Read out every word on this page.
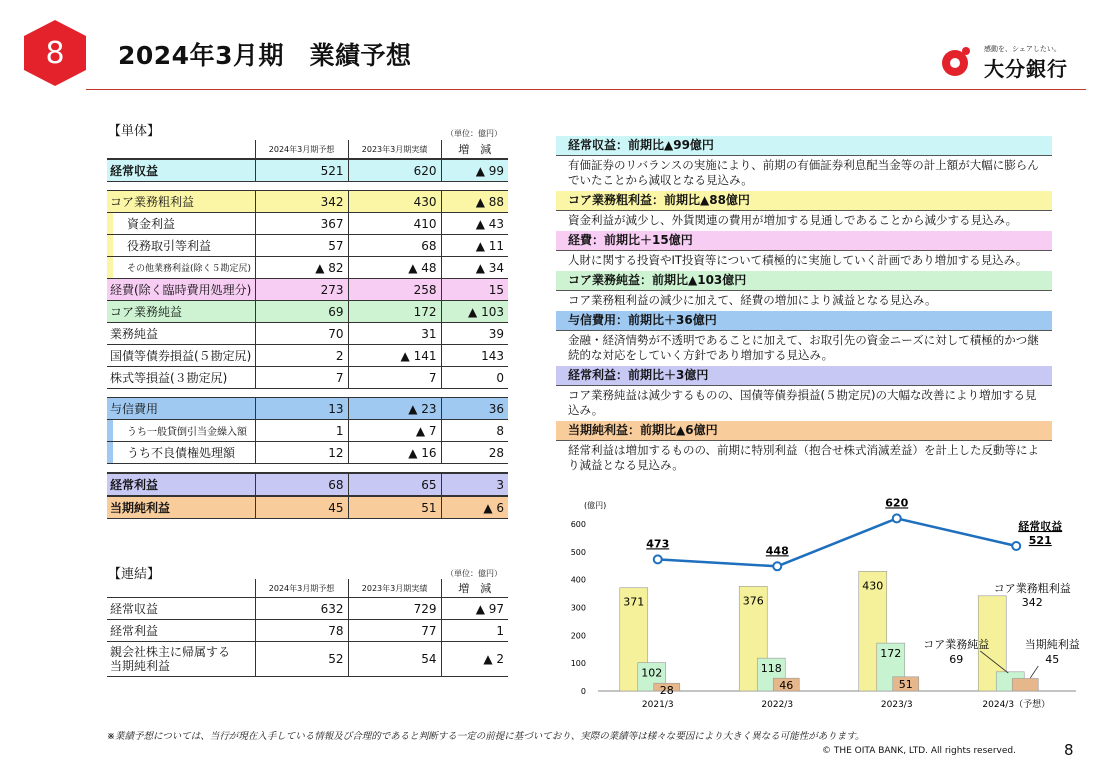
8	2024年3月期　業績予想	感動を、シェアしたい。
大分銀行
【単体】	（単位：億円）
	2024年3月期予想	2023年3月期実績	増　減
経常収益	521	620	▲ 99

コア業務粗利益	342	430	▲ 88
資金利益	367	410	▲ 43
役務取引等利益	57	68	▲ 11
その他業務利益(除く５勘定尻)	▲ 82	▲ 48	▲ 34
経費(除く臨時費用処理分)	273	258	15
コア業務純益	69	172	▲ 103
業務純益	70	31	39
国債等債券損益(５勘定尻)	2	▲ 141	143
株式等損益(３勘定尻)	7	7	0

与信費用	13	▲ 23	36
うち一般貸倒引当金繰入額	1	▲ 7	8
うち不良債権処理額	12	▲ 16	28

経常利益	68	65	3
当期純利益	45	51	▲ 6
【連結】	（単位：億円）
	2024年3月期予想	2023年3月期実績	増　減
経常収益	632	729	▲ 97
経常利益	78	77	1

親会社株主に帰属する
当期純利益	52	54	▲ 2
経常収益：前期比▲99億円
有価証券のリバランスの実施により、前期の有価証券利息配当金等の計上額が大幅に膨らんでいたことから減収となる見込み。
コア業務粗利益：前期比▲88億円
資金利益が減少し、外貨関連の費用が増加する見通しであることから減少する見込み。
経費：前期比＋15億円
人財に関する投資やIT投資等について積極的に実施していく計画であり増加する見込み。
コア業務純益：前期比▲103億円
コア業務粗利益の減少に加えて、経費の増加により減益となる見込み。
与信費用：前期比＋36億円
金融・経済情勢が不透明であることに加えて、お取引先の資金ニーズに対して積極的かつ継続的な対応をしていく方針であり増加する見込み。
経常利益：前期比＋3億円
コア業務純益は減少するものの、国債等債券損益(５勘定尻)の大幅な改善により増加する見込み。
当期純利益：前期比▲6億円
経常利益は増加するものの、前期に特別利益（抱合せ株式消滅差益）を計上した反動等により減益となる見込み。
(億円)
0
100
200
300
400
500
600
2021/3	2022/3	2023/3	2024/3（予想）
371	376
430
102	118
172
28	46	51
473
448
620
経常収益
521
コア業務粗利益
342
コア業務純益
69
当期純利益
45
※業績予想については、当行が現在入手している情報及び合理的であると判断する一定の前提に基づいており、実際の業績等は様々な要因により大きく異なる可能性があります。
© THE OITA BANK, LTD. All rights reserved.	8
